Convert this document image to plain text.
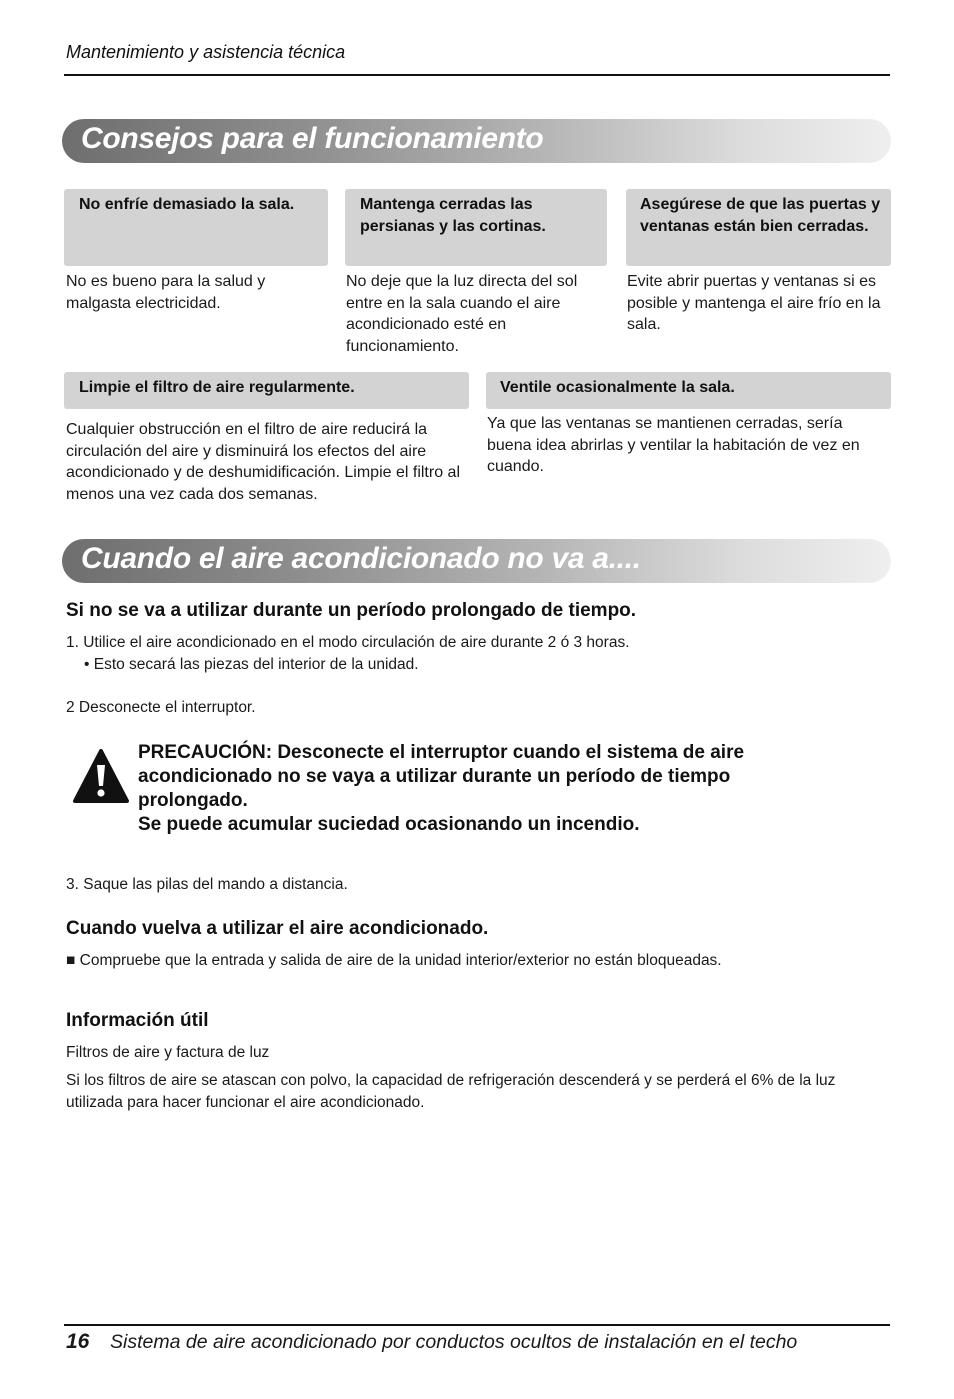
Mantenimiento y asistencia técnica
Consejos para el funcionamiento
No enfríe demasiado la sala.	Mantenga cerradas las persianas y las cortinas.
Asegúrese de que las puertas y ventanas están bien cerradas.
No es bueno para la salud y malgasta electricidad.
No deje que la luz directa del sol entre en la sala cuando el aire acondicionado esté en funcionamiento.
Evite abrir puertas y ventanas si es posible y mantenga el aire frío en la sala.
Limpie el filtro de aire regularmente.	Ventile ocasionalmente la sala.
Cualquier obstrucción en el filtro de aire reducirá la circulación del aire y disminuirá los efectos del aire acondicionado y de deshumidificación. Limpie el filtro al menos una vez cada dos semanas.
Ya que las ventanas se mantienen cerradas, sería buena idea abrirlas y ventilar la habitación de vez en cuando.
Cuando el aire acondicionado no va a....
Si no se va a utilizar durante un período prolongado de tiempo.
1. Utilice el aire acondicionado en el modo circulación de aire durante 2 ó 3 horas.
• Esto secará las piezas del interior de la unidad.
2 Desconecte el interruptor.
PRECAUCIÓN: Desconecte el interruptor cuando el sistema de aire acondicionado no se vaya a utilizar durante un período de tiempo prolongado.
Se puede acumular suciedad ocasionando un incendio.
3. Saque las pilas del mando a distancia.
Cuando vuelva a utilizar el aire acondicionado.
■ Compruebe que la entrada y salida de aire de la unidad interior/exterior no están bloqueadas.
Información útil
Filtros de aire y factura de luz
Si los filtros de aire se atascan con polvo, la capacidad de refrigeración descenderá y se perderá el 6% de la luz utilizada para hacer funcionar el aire acondicionado.
16 Sistema de aire acondicionado por conductos ocultos de instalación en el techo
